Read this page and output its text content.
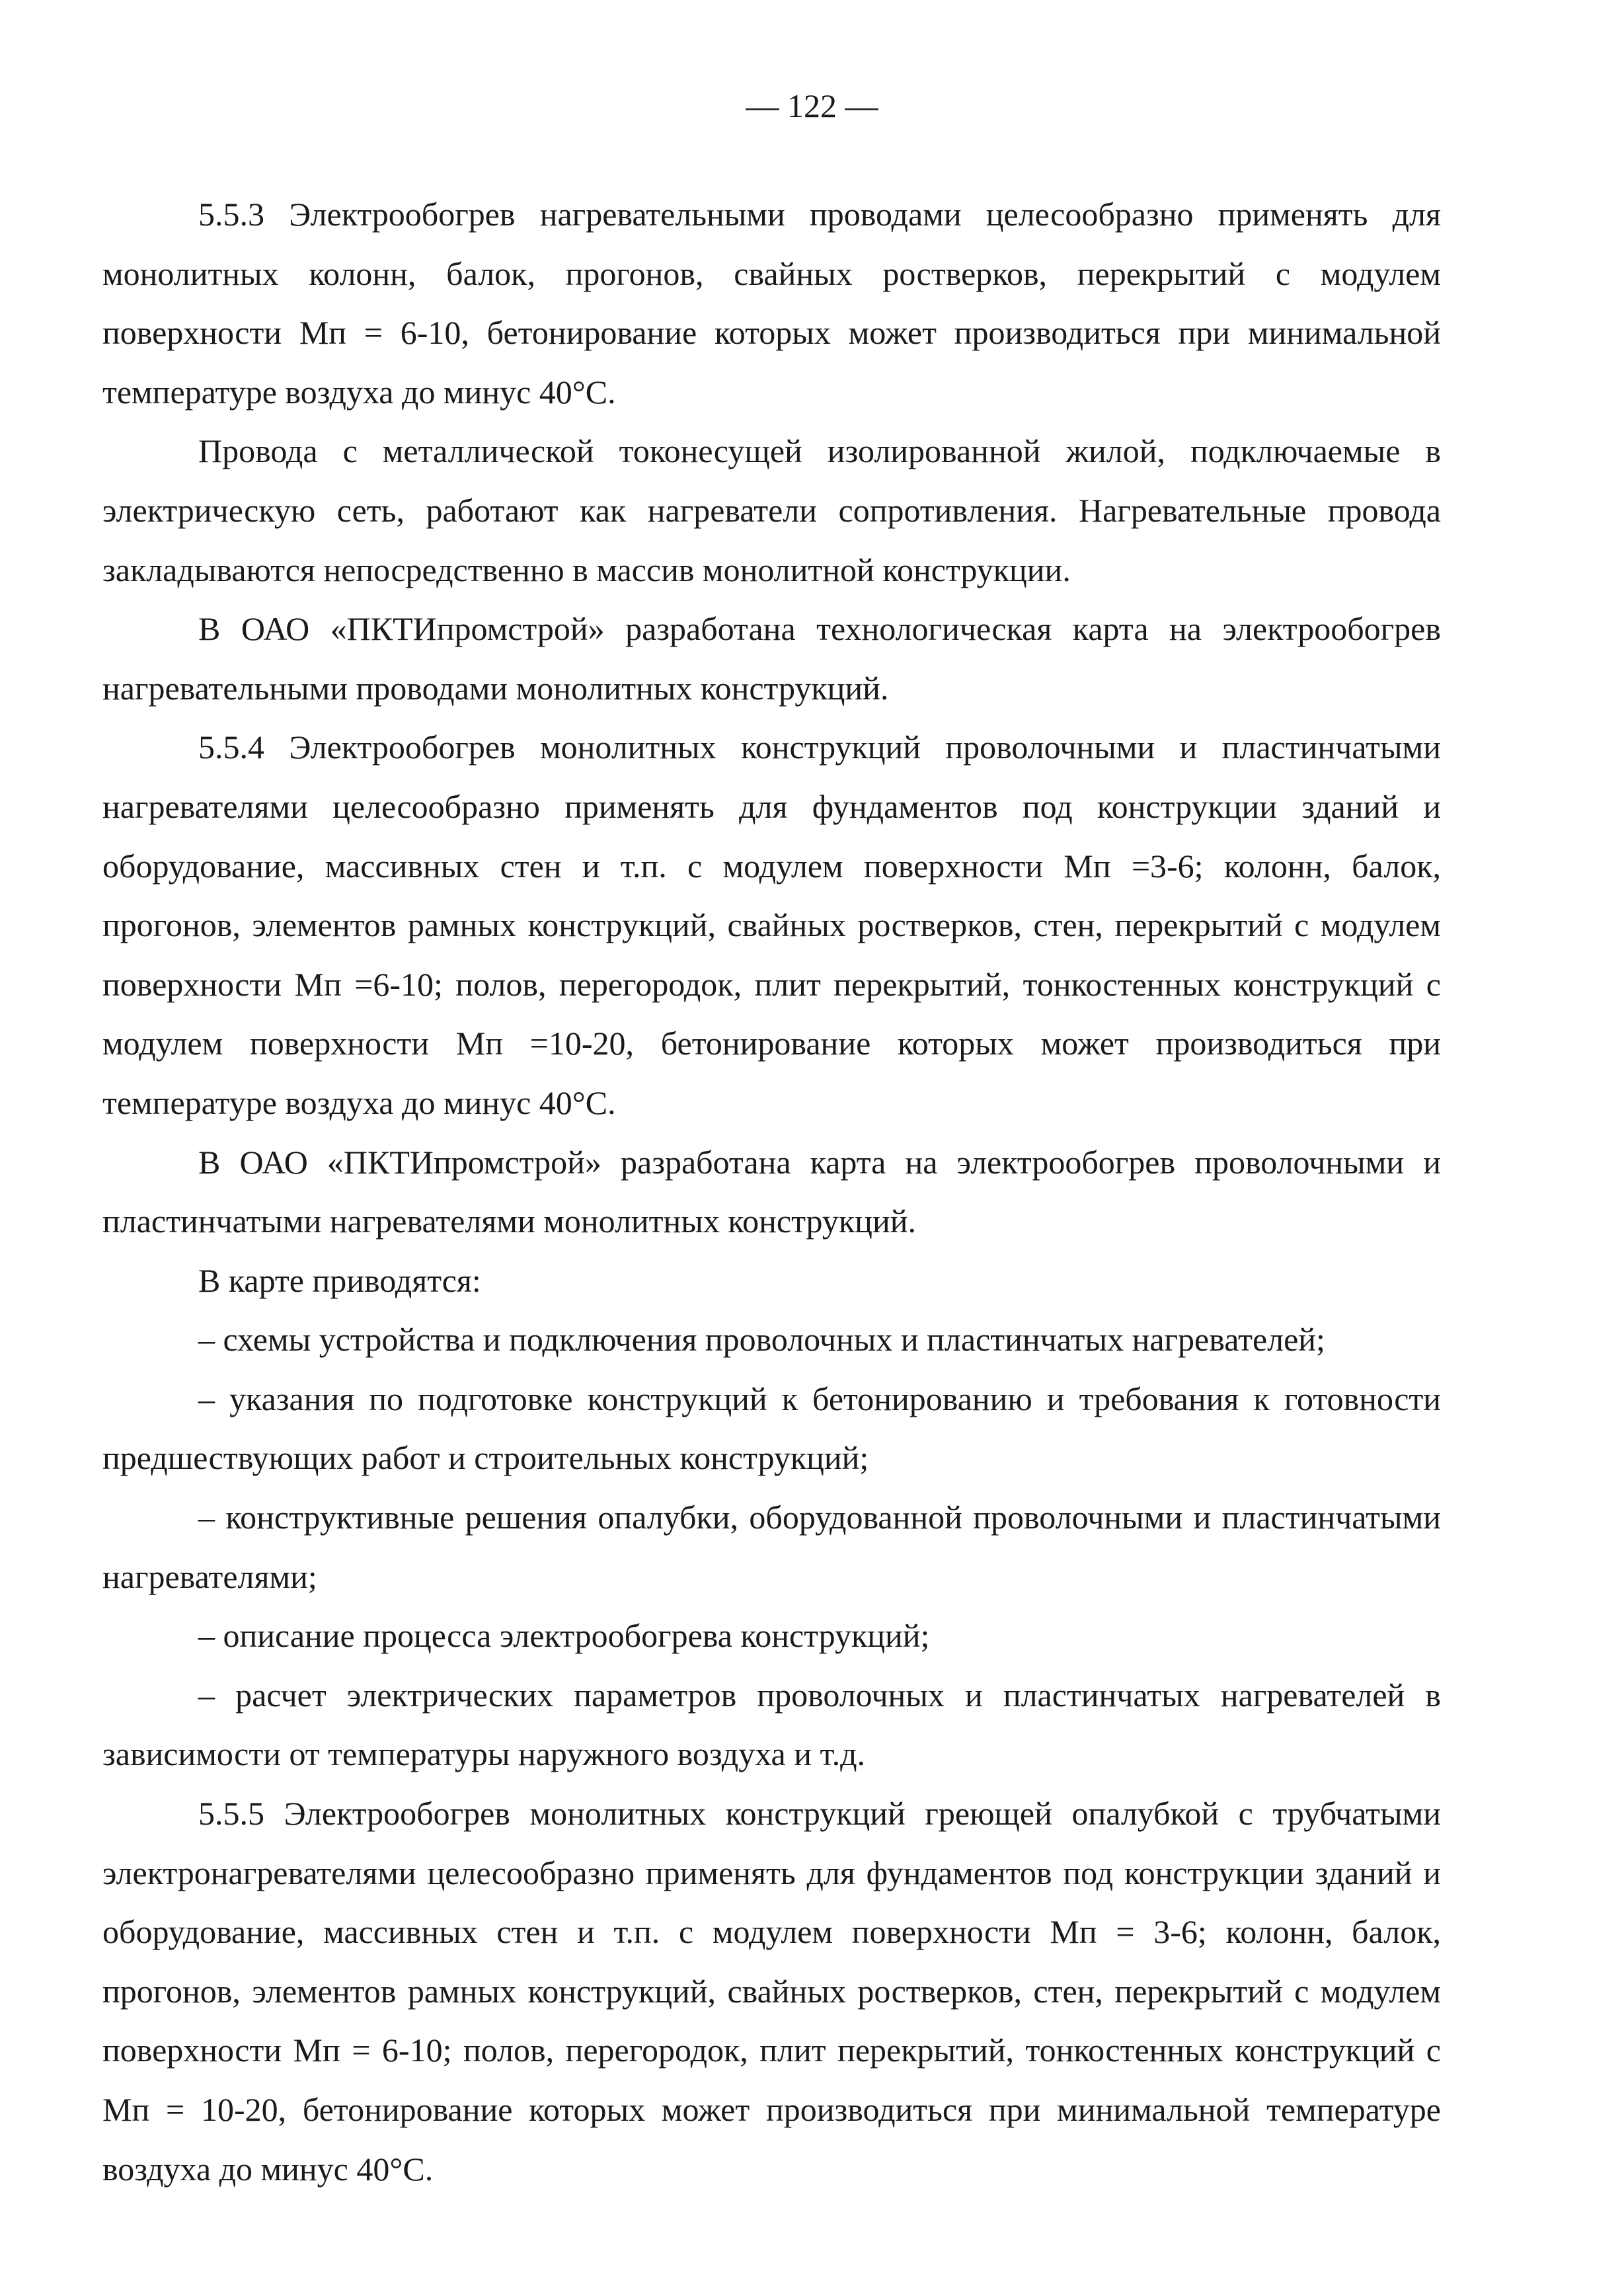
— 122 —

5.5.3 Электрообогрев нагревательными проводами целесообразно применять для монолитных колонн, балок, прогонов, свайных ростверков, перекрытий с модулем поверхности Мп = 6-10, бетонирование которых может производиться при минимальной температуре воздуха до минус 40°С.

Провода с металлической токонесущей изолированной жилой, подключаемые в электрическую сеть, работают как нагреватели сопротивления. Нагревательные провода закладываются непосредственно в массив монолитной конструкции.

В ОАО «ПКТИпромстрой» разработана технологическая карта на электрообогрев нагревательными проводами монолитных конструкций.

5.5.4 Электрообогрев монолитных конструкций проволочными и пластинчатыми нагревателями целесообразно применять для фундаментов под конструкции зданий и оборудование, массивных стен и т.п. с модулем поверхности Мп =3-6; колонн, балок, прогонов, элементов рамных конструкций, свайных ростверков, стен, перекрытий с модулем поверхности Мп =6-10; полов, перегородок, плит перекрытий, тонкостенных конструкций с модулем поверхности Мп =10-20, бетонирование которых может производиться при температуре воздуха до минус 40°С.

В ОАО «ПКТИпромстрой» разработана карта на электрообогрев проволочными и пластинчатыми нагревателями монолитных конструкций.

В карте приводятся:

– схемы устройства и подключения проволочных и пластинчатых нагревателей;

– указания по подготовке конструкций к бетонированию и требования к готовности предшествующих работ и строительных конструкций;

– конструктивные решения опалубки, оборудованной проволочными и пластинчатыми нагревателями;

– описание процесса электрообогрева конструкций;

– расчет электрических параметров проволочных и пластинчатых нагревателей в зависимости от температуры наружного воздуха и т.д.

5.5.5 Электрообогрев монолитных конструкций греющей опалубкой с трубчатыми электронагревателями целесообразно применять для фундаментов под конструкции зданий и оборудование, массивных стен и т.п. с модулем поверхности Мп = 3-6; колонн, балок, прогонов, элементов рамных конструкций, свайных ростверков, стен, перекрытий с модулем поверхности Мп = 6-10; полов, перегородок, плит перекрытий, тонкостенных конструкций с Мп = 10-20, бетонирование которых может производиться при минимальной температуре воздуха до минус 40°С.
